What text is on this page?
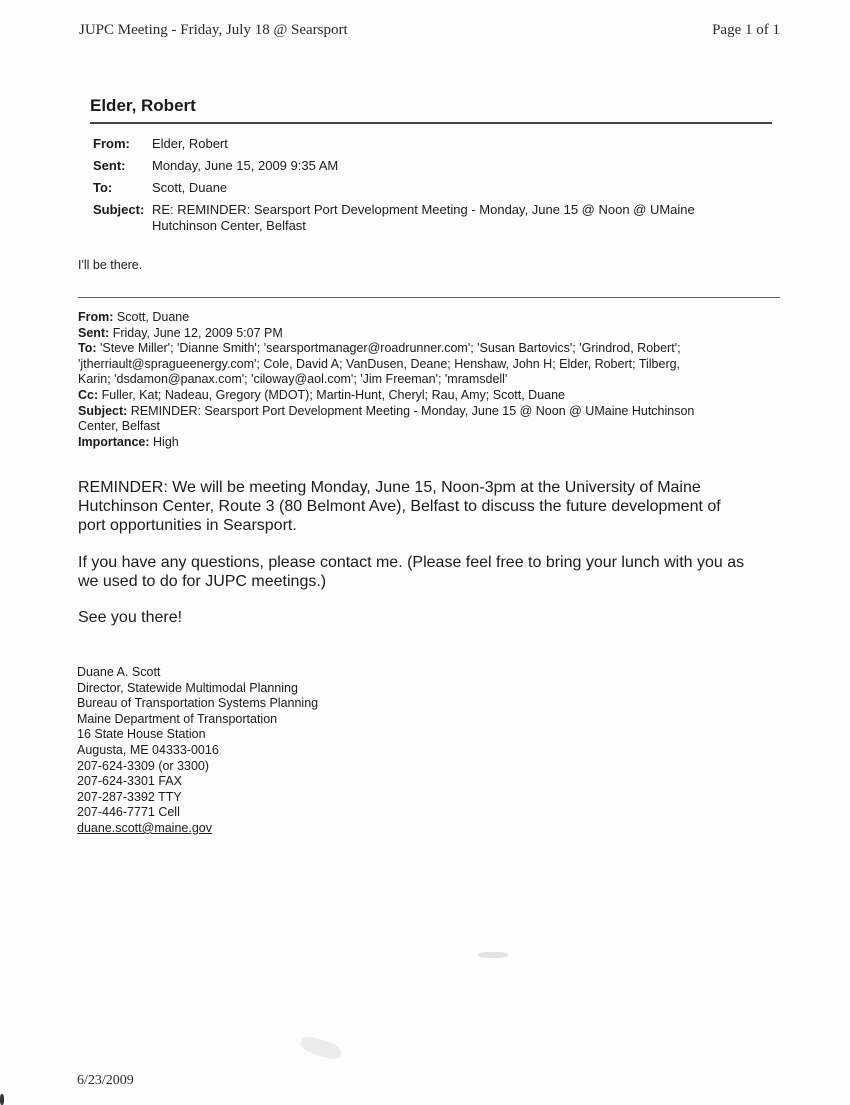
JUPC Meeting - Friday, July 18 @ Searsport	Page 1 of 1
Elder, Robert
From:	Elder, Robert

Sent:	Monday, June 15, 2009 9:35 AM

To:	Scott, Duane

Subject:	RE: REMINDER: Searsport Port Development Meeting - Monday, June 15 @ Noon @ UMaine
Hutchinson Center, Belfast
I'll be there.
From: Scott, Duane
Sent: Friday, June 12, 2009 5:07 PM
To: 'Steve Miller'; 'Dianne Smith'; 'searsportmanager@roadrunner.com'; 'Susan Bartovics'; 'Grindrod, Robert';
'jtherriault@spragueenergy.com'; Cole, David A; VanDusen, Deane; Henshaw, John H; Elder, Robert; Tilberg,
Karin; 'dsdamon@panax.com'; 'ciloway@aol.com'; 'Jim Freeman'; 'mramsdell'
Cc: Fuller, Kat; Nadeau, Gregory (MDOT); Martin-Hunt, Cheryl; Rau, Amy; Scott, Duane
Subject: REMINDER: Searsport Port Development Meeting - Monday, June 15 @ Noon @ UMaine Hutchinson
Center, Belfast
Importance: High
REMINDER: We will be meeting Monday, June 15, Noon-3pm at the University of Maine
Hutchinson Center, Route 3 (80 Belmont Ave), Belfast to discuss the future development of
port opportunities in Searsport.
If you have any questions, please contact me. (Please feel free to bring your lunch with you as
we used to do for JUPC meetings.)
See you there!
Duane A. Scott
Director, Statewide Multimodal Planning
Bureau of Transportation Systems Planning
Maine Department of Transportation
16 State House Station
Augusta, ME 04333-0016
207-624-3309 (or 3300)
207-624-3301 FAX
207-287-3392 TTY
207-446-7771 Cell
duane.scott@maine.gov
6/23/2009
